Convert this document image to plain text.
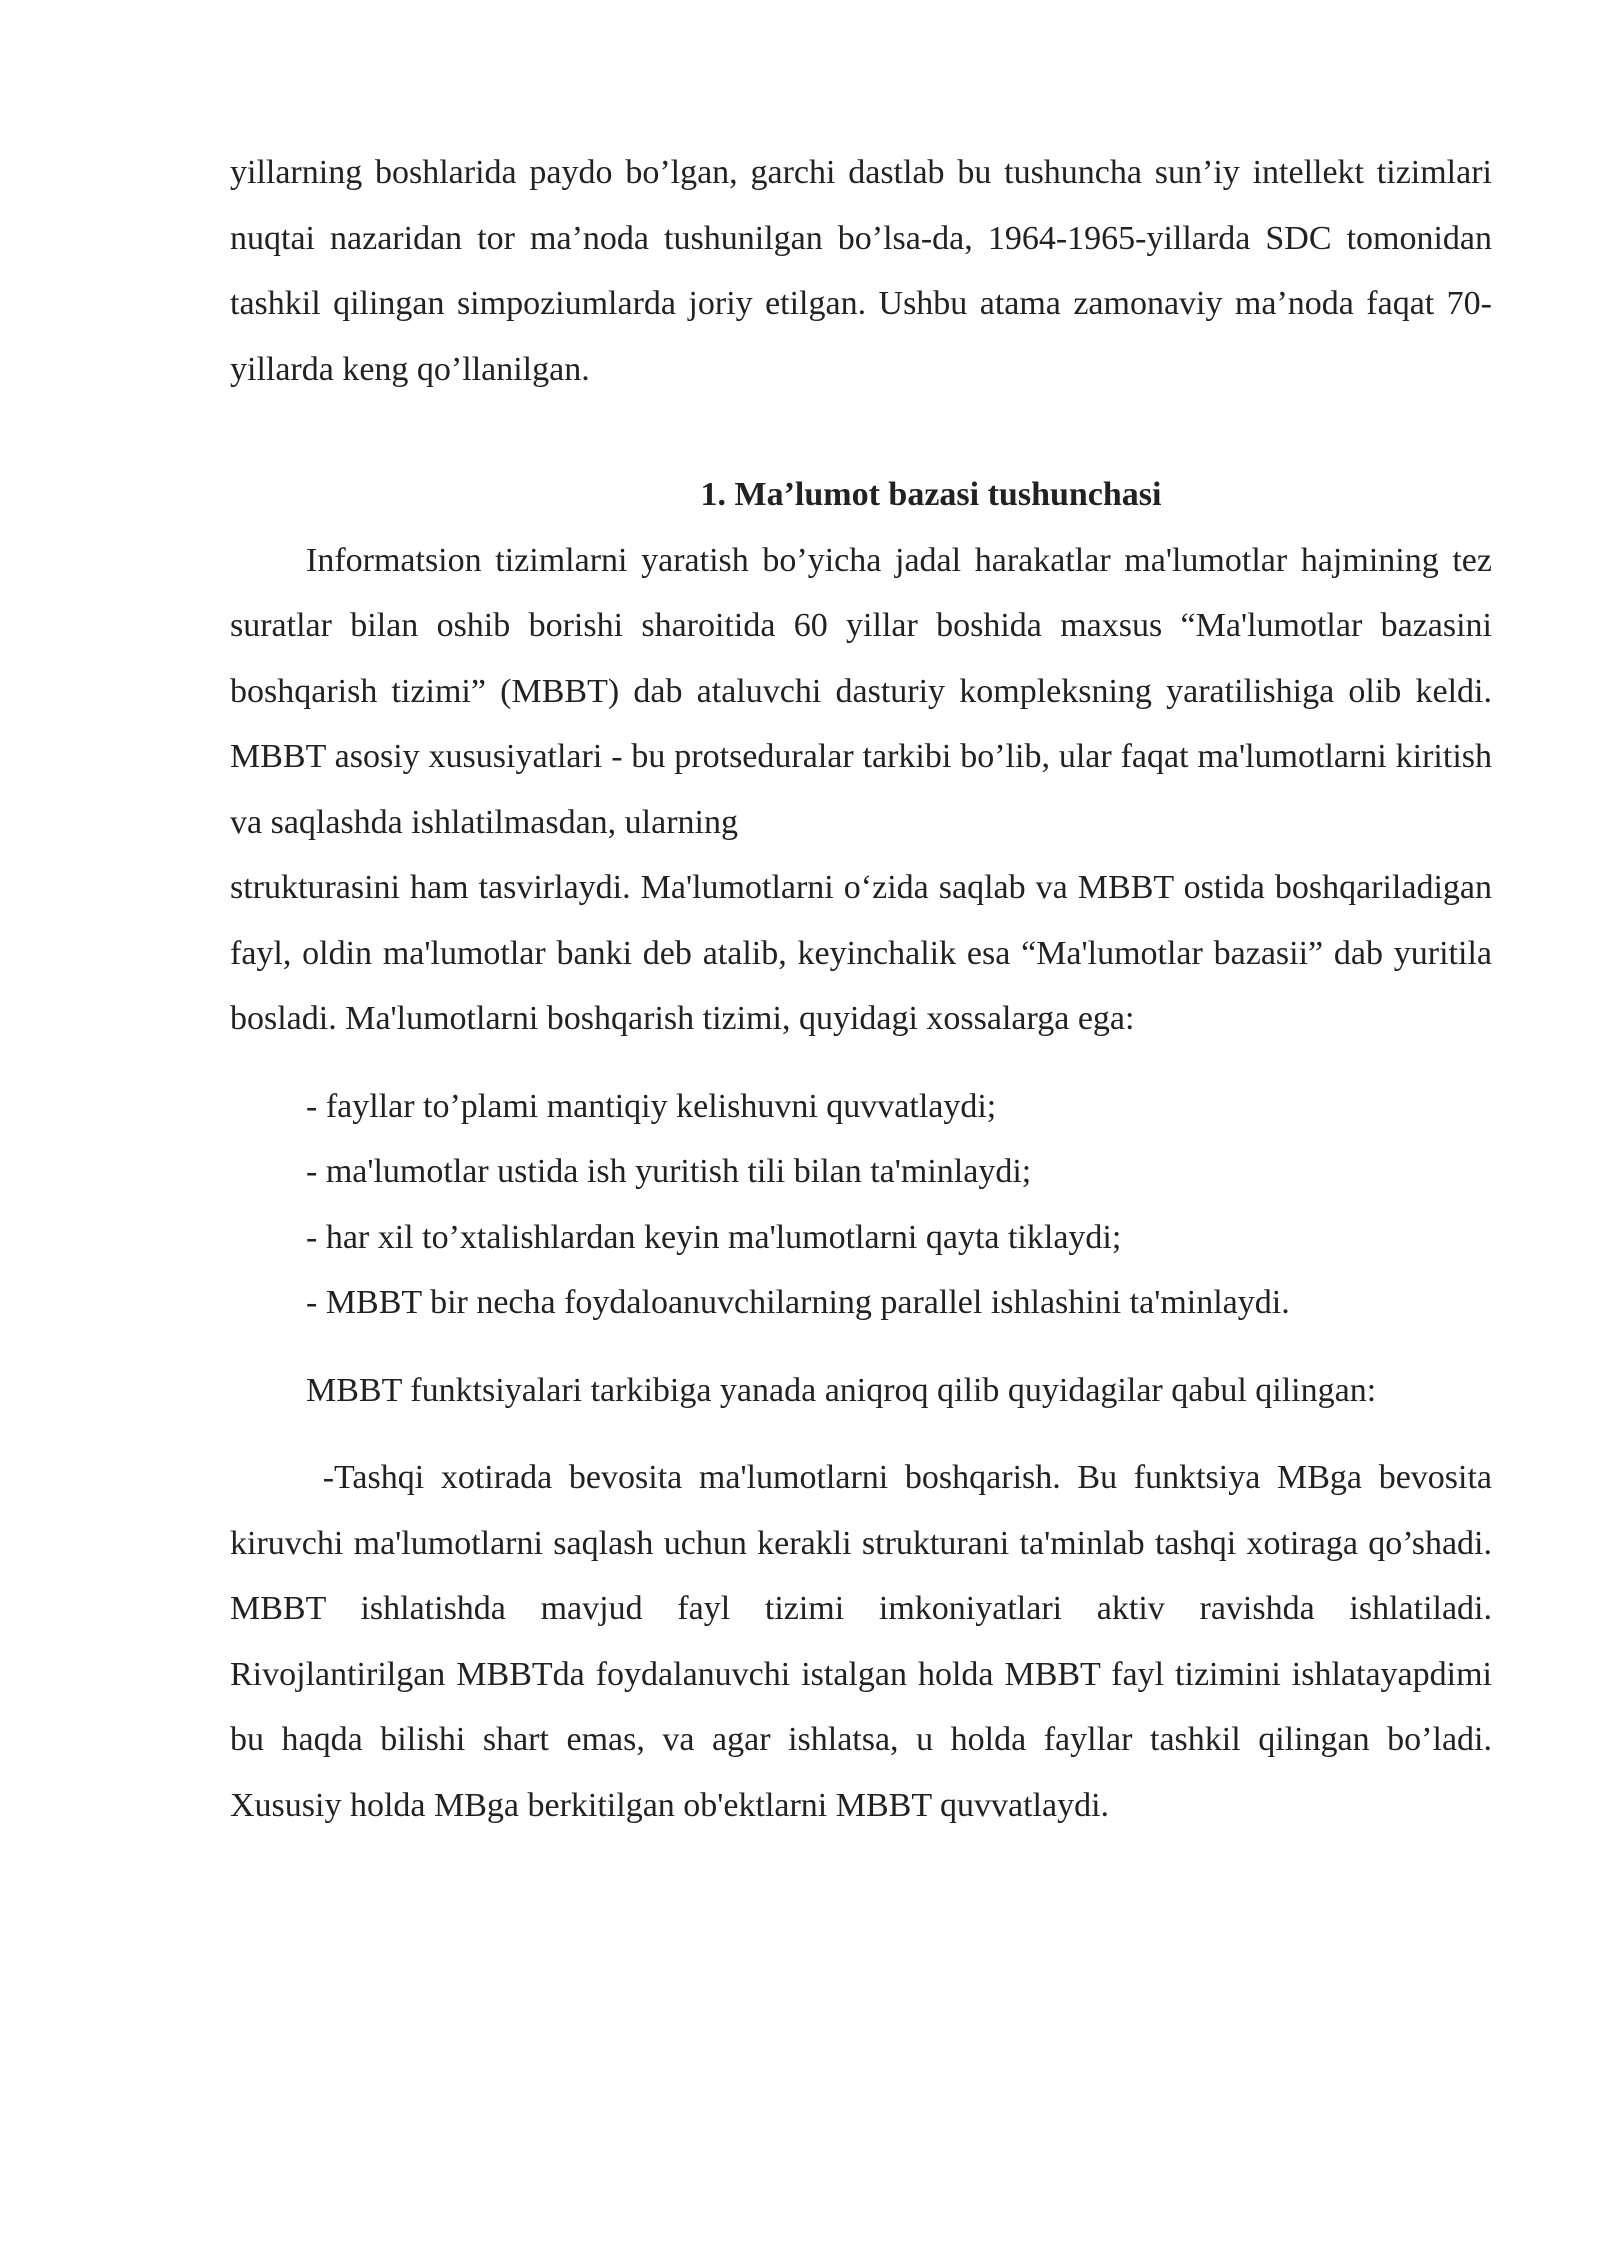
yillarning boshlarida paydo bo’lgan, garchi dastlab bu tushuncha sun’iy intellekt tizimlari nuqtai nazaridan tor ma’noda tushunilgan bo’lsa-da, 1964-1965-yillarda SDC tomonidan tashkil qilingan simpoziumlarda joriy etilgan. Ushbu atama zamonaviy ma’noda faqat 70-yillarda keng qo’llanilgan.

1. Ma’lumot bazasi tushunchasi

Informatsion tizimlarni yaratish bo’yicha jadal harakatlar ma'lumotlar hajmining tez suratlar bilan oshib borishi sharoitida 60 yillar boshida maxsus “Ma'lumotlar bazasini boshqarish tizimi” (MBBT) dab ataluvchi dasturiy kompleksning yaratilishiga olib keldi. MBBT asosiy xususiyatlari - bu protseduralar tarkibi bo’lib, ular faqat ma'lumotlarni kiritish va saqlashda ishlatilmasdan, ularning

strukturasini ham tasvirlaydi. Ma'lumotlarni o‘zida saqlab va MBBT ostida boshqariladigan fayl, oldin ma'lumotlar banki deb atalib, keyinchalik esa “Ma'lumotlar bazasii” dab yuritila bosladi. Ma'lumotlarni boshqarish tizimi, quyidagi xossalarga ega:

- fayllar to’plami mantiqiy kelishuvni quvvatlaydi;

- ma'lumotlar ustida ish yuritish tili bilan ta'minlaydi;

- har xil to’xtalishlardan keyin ma'lumotlarni qayta tiklaydi;

- MBBT bir necha foydaloanuvchilarning parallel ishlashini ta'minlaydi.

MBBT funktsiyalari tarkibiga yanada aniqroq qilib quyidagilar qabul qilingan:

-Tashqi xotirada bevosita ma'lumotlarni boshqarish. Bu funktsiya MBga bevosita kiruvchi ma'lumotlarni saqlash uchun kerakli strukturani ta'minlab tashqi xotiraga qo’shadi. MBBT ishlatishda mavjud fayl tizimi imkoniyatlari aktiv ravishda ishlatiladi. Rivojlantirilgan MBBTda foydalanuvchi istalgan holda MBBT fayl tizimini ishlatayapdimi bu haqda bilishi shart emas, va agar ishlatsa, u holda fayllar tashkil qilingan bo’ladi. Xususiy holda MBga berkitilgan ob'ektlarni MBBT quvvatlaydi.
